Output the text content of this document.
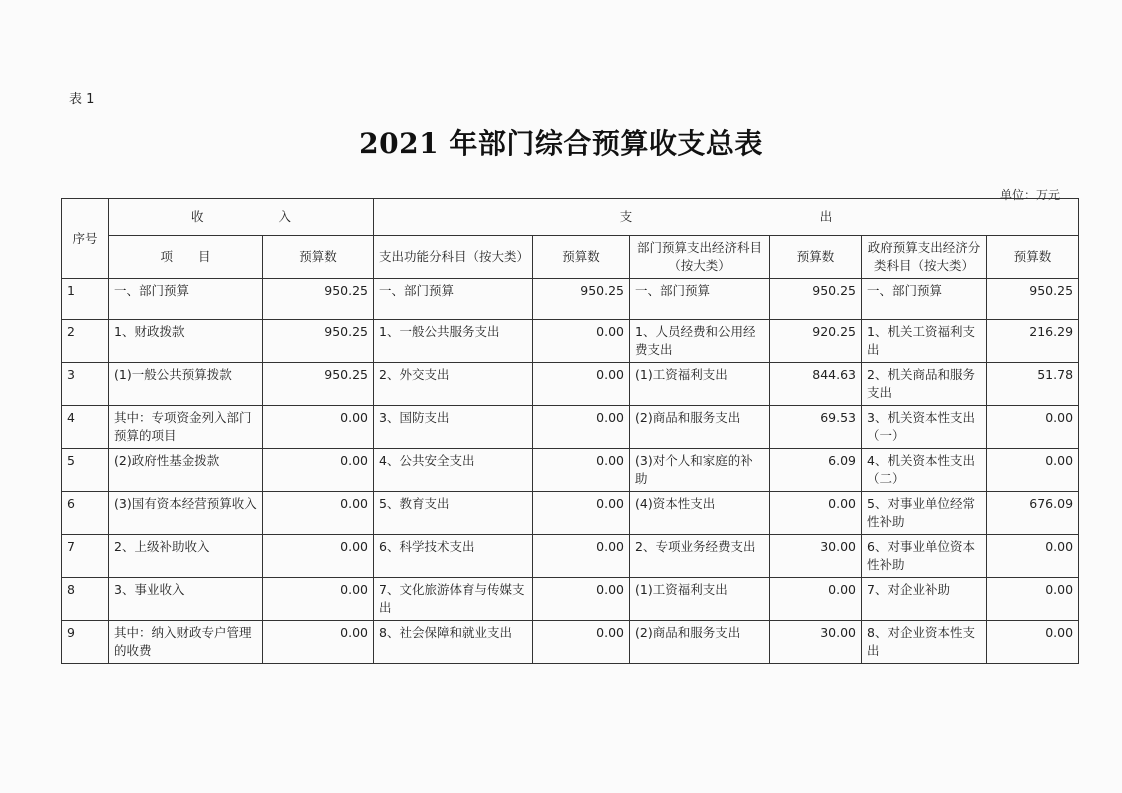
表 1
2021 年部门综合预算收支总表
单位：万元
序号	收　　　　　　入		支　　　　　　　　　　　　　　　出					
	项　　目	预算数	支出功能分科目（按大类）	预算数	部门预算支出经济科目（按大类）	预算数	政府预算支出经济分类科目（按大类）	预算数
1	一、部门预算	950.25	一、部门预算	950.25	一、部门预算	950.25	一、部门预算	950.25
2	1、财政拨款	950.25	1、一般公共服务支出	0.00	1、人员经费和公用经费支出	920.25	1、机关工资福利支出	216.29
3	(1)一般公共预算拨款	950.25	2、外交支出	0.00	(1)工资福利支出	844.63	2、机关商品和服务支出	51.78
4	其中：专项资金列入部门预算的项目	0.00	3、国防支出	0.00	(2)商品和服务支出	69.53	3、机关资本性支出（一）	0.00
5	(2)政府性基金拨款	0.00	4、公共安全支出	0.00	(3)对个人和家庭的补助	6.09	4、机关资本性支出（二）	0.00
6	(3)国有资本经营预算收入	0.00	5、教育支出	0.00	(4)资本性支出	0.00	5、对事业单位经常性补助	676.09
7	2、上级补助收入	0.00	6、科学技术支出	0.00	2、专项业务经费支出	30.00	6、对事业单位资本性补助	0.00
8	3、事业收入	0.00	7、文化旅游体育与传媒支出	0.00	(1)工资福利支出	0.00	7、对企业补助	0.00
9	其中：纳入财政专户管理的收费	0.00	8、社会保障和就业支出	0.00	(2)商品和服务支出	30.00	8、对企业资本性支出	0.00
